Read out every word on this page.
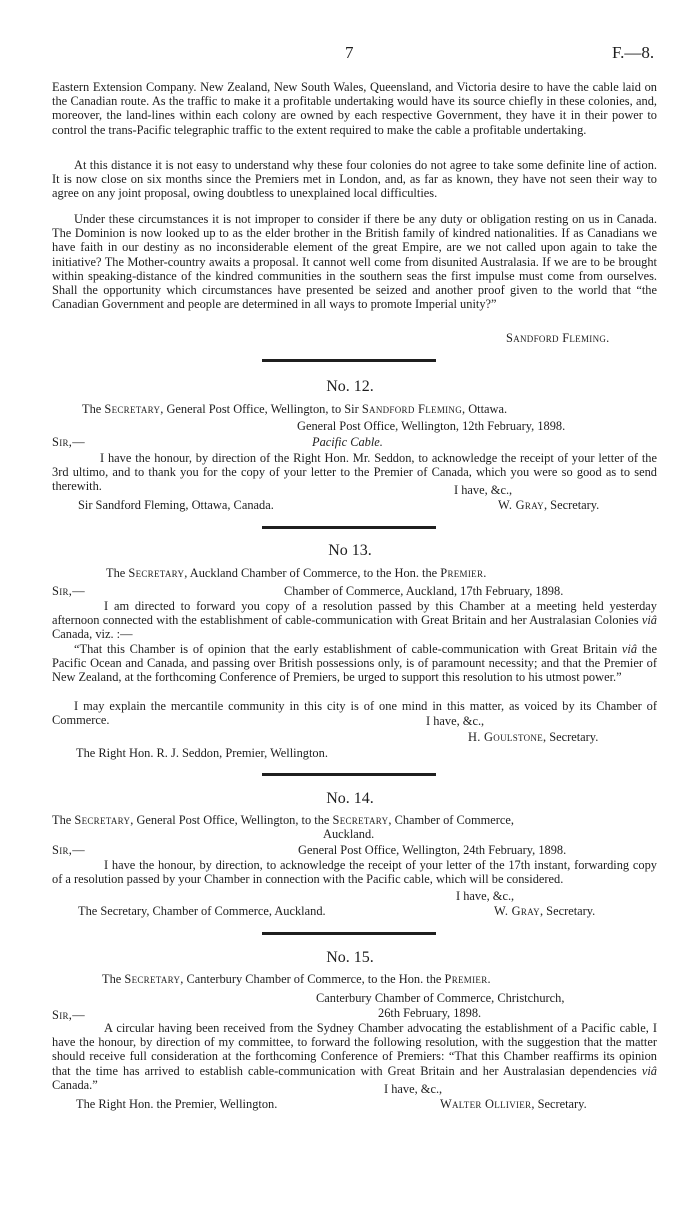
7	F.—8.

Eastern Extension Company. New Zealand, New South Wales, Queensland, and Victoria desire to have the cable laid on the Canadian route. As the traffic to make it a profitable undertaking would have its source chiefly in these colonies, and, moreover, the land-lines within each colony are owned by each respective Government, they have it in their power to control the trans-Pacific telegraphic traffic to the extent required to make the cable a profitable undertaking.

At this distance it is not easy to understand why these four colonies do not agree to take some definite line of action. It is now close on six months since the Premiers met in London, and, as far as known, they have not seen their way to agree on any joint proposal, owing doubtless to unexplained local difficulties.

Under these circumstances it is not improper to consider if there be any duty or obligation resting on us in Canada. The Dominion is now looked up to as the elder brother in the British family of kindred nationalities. If as Canadians we have faith in our destiny as no inconsiderable element of the great Empire, are we not called upon again to take the initiative? The Mother-country awaits a proposal. It cannot well come from disunited Australasia. If we are to be brought within speaking-distance of the kindred communities in the southern seas the first impulse must come from ourselves. Shall the opportunity which circumstances have presented be seized and another proof given to the world that “the Canadian Government and people are determined in all ways to promote Imperial unity?”

Sandford Fleming.
No. 12.
The Secretary, General Post Office, Wellington, to Sir Sandford Fleming, Ottawa.
General Post Office, Wellington, 12th February, 1898.
Sir,—	Pacific Cable.

I have the honour, by direction of the Right Hon. Mr. Seddon, to acknowledge the receipt of your letter of the 3rd ultimo, and to thank you for the copy of your letter to the Premier of Canada, which you were so good as to send therewith.	I have, &c.,
Sir Sandford Fleming, Ottawa, Canada.	W. Gray, Secretary.
No 13.
The Secretary, Auckland Chamber of Commerce, to the Hon. the Premier.
Sir,—	Chamber of Commerce, Auckland, 17th February, 1898.

I am directed to forward you copy of a resolution passed by this Chamber at a meeting held yesterday afternoon connected with the establishment of cable-communication with Great Britain and her Australasian Colonies viâ Canada, viz. :—

“That this Chamber is of opinion that the early establishment of cable-communication with Great Britain viâ the Pacific Ocean and Canada, and passing over British possessions only, is of paramount necessity; and that the Premier of New Zealand, at the forthcoming Conference of Premiers, be urged to support this resolution to his utmost power.”

I may explain the mercantile community in this city is of one mind in this matter, as voiced by its Chamber of Commerce.	I have, &c.,
H. Goulstone, Secretary.
The Right Hon. R. J. Seddon, Premier, Wellington.
No. 14.

The Secretary, General Post Office, Wellington, to the Secretary, Chamber of Commerce,

Auckland.
Sir,—	General Post Office, Wellington, 24th February, 1898.

I have the honour, by direction, to acknowledge the receipt of your letter of the 17th instant, forwarding copy of a resolution passed by your Chamber in connection with the Pacific cable, which will be considered.

I have, &c.,
The Secretary, Chamber of Commerce, Auckland.	W. Gray, Secretary.
No. 15.
The Secretary, Canterbury Chamber of Commerce, to the Hon. the Premier.
Canterbury Chamber of Commerce, Christchurch,
Sir,—	26th February, 1898.

A circular having been received from the Sydney Chamber advocating the establishment of a Pacific cable, I have the honour, by direction of my committee, to forward the following resolution, with the suggestion that the matter should receive full consideration at the forthcoming Conference of Premiers: “That this Chamber reaffirms its opinion that the time has arrived to establish cable-communication with Great Britain and her Australasian dependencies viâ Canada.”	I have, &c.,
The Right Hon. the Premier, Wellington.	Walter Ollivier, Secretary.
